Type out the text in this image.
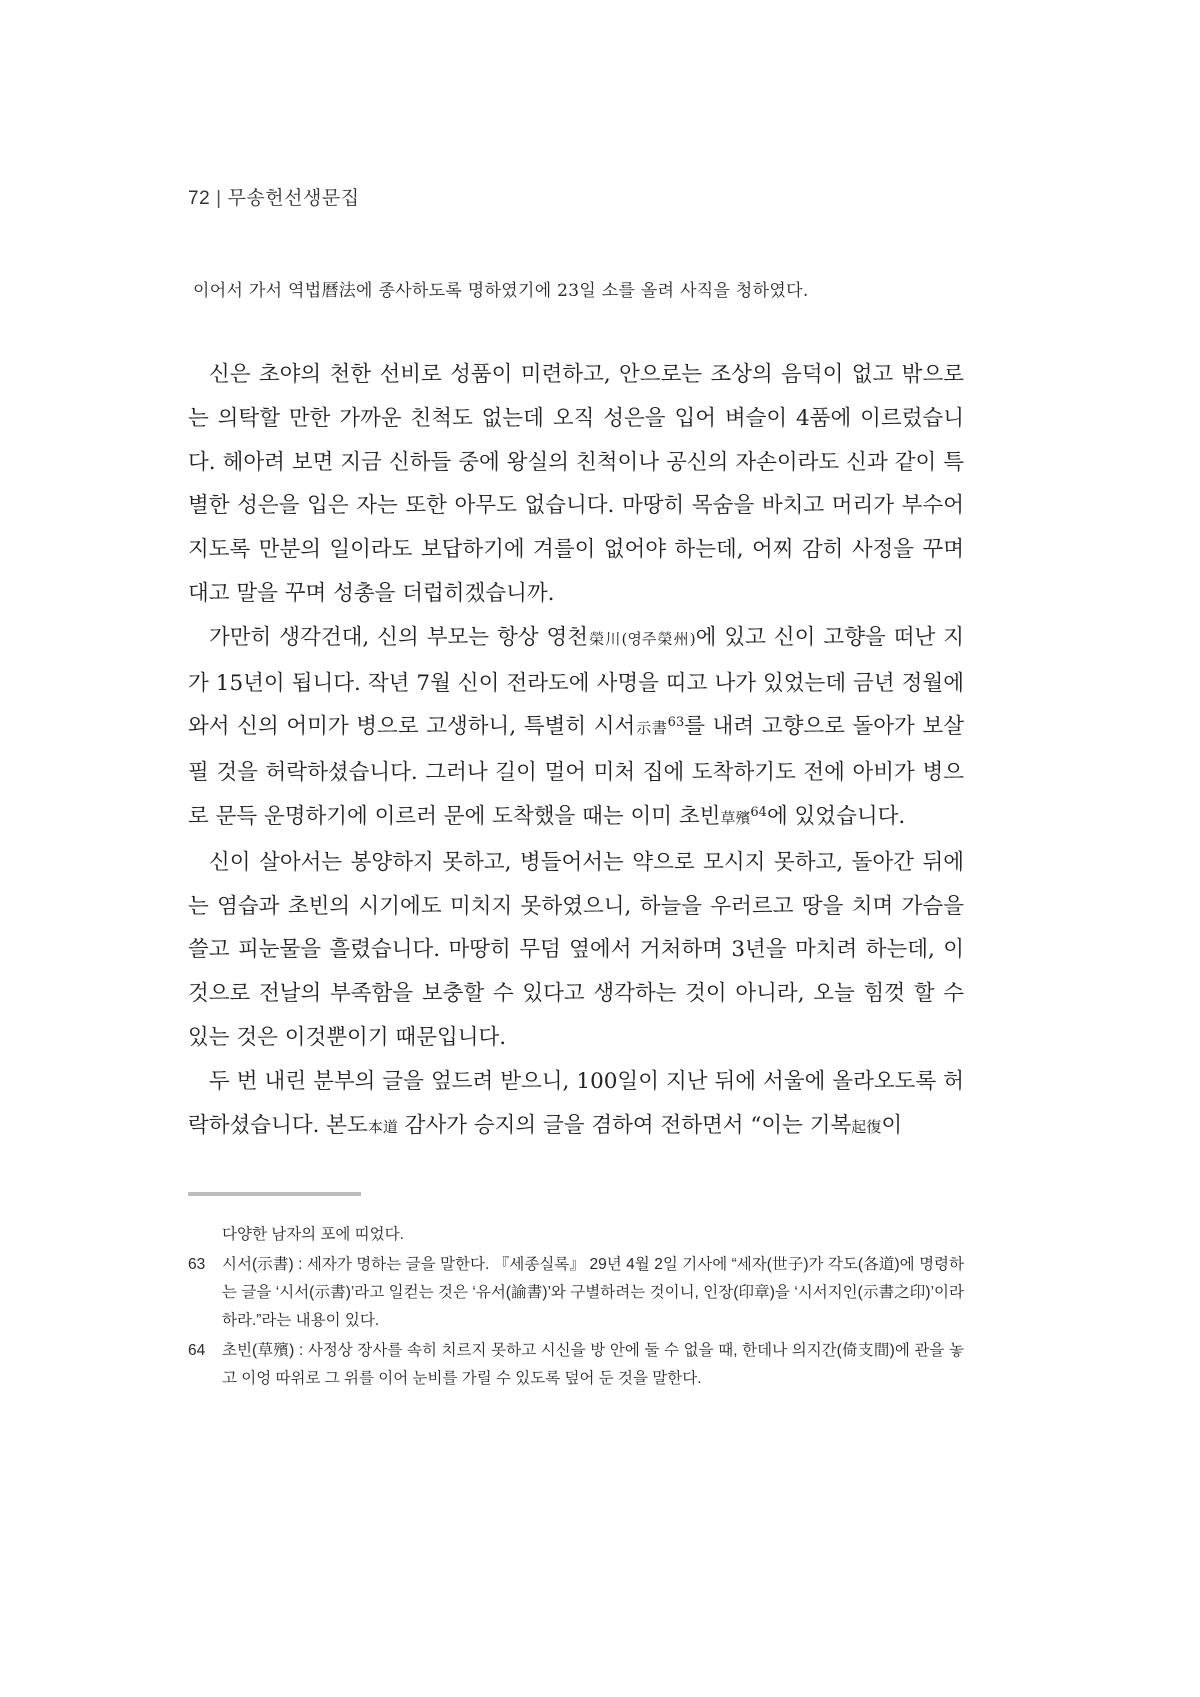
72 | 무송헌선생문집
이어서 가서 역법曆法에 종사하도록 명하였기에 23일 소를 올려 사직을 청하였다.

신은 초야의 천한 선비로 성품이 미련하고, 안으로는 조상의 음덕이 없고 밖으로는 의탁할 만한 가까운 친척도 없는데 오직 성은을 입어 벼슬이 4품에 이르렀습니다. 헤아려 보면 지금 신하들 중에 왕실의 친척이나 공신의 자손이라도 신과 같이 특별한 성은을 입은 자는 또한 아무도 없습니다. 마땅히 목숨을 바치고 머리가 부수어지도록 만분의 일이라도 보답하기에 겨를이 없어야 하는데, 어찌 감히 사정을 꾸며대고 말을 꾸며 성총을 더럽히겠습니까.

가만히 생각건대, 신의 부모는 항상 영천榮川(영주榮州)에 있고 신이 고향을 떠난 지가 15년이 됩니다. 작년 7월 신이 전라도에 사명을 띠고 나가 있었는데 금년 정월에 와서 신의 어미가 병으로 고생하니, 특별히 시서示書$^{63}$를 내려 고향으로 돌아가 보살필 것을 허락하셨습니다. 그러나 길이 멀어 미처 집에 도착하기도 전에 아비가 병으로 문득 운명하기에 이르러 문에 도착했을 때는 이미 초빈草殯$^{64}$에 있었습니다.

신이 살아서는 봉양하지 못하고, 병들어서는 약으로 모시지 못하고, 돌아간 뒤에는 염습과 초빈의 시기에도 미치지 못하였으니, 하늘을 우러르고 땅을 치며 가슴을 쓸고 피눈물을 흘렸습니다. 마땅히 무덤 옆에서 거처하며 3년을 마치려 하는데, 이것으로 전날의 부족함을 보충할 수 있다고 생각하는 것이 아니라, 오늘 힘껏 할 수 있는 것은 이것뿐이기 때문입니다.

두 번 내린 분부의 글을 엎드려 받으니, 100일이 지난 뒤에 서울에 올라오도록 허락하셨습니다. 본도本道 감사가 승지의 글을 겸하여 전하면서 “이는 기복起復이

다양한 남자의 포에 띠었다.
63 시서(示書) : 세자가 명하는 글을 말한다. 『세종실록』 29년 4월 2일 기사에 “세자(世子)가 각도(各道)에 명령하는 글을 ‘시서(示書)’라고 일컫는 것은 ‘유서(諭書)’와 구별하려는 것이니, 인장(印章)을 ‘시서지인(示書之印)’이라 하라.”라는 내용이 있다.
64 초빈(草殯) : 사정상 장사를 속히 치르지 못하고 시신을 방 안에 둘 수 없을 때, 한데나 의지간(倚支間)에 관을 놓고 이엉 따위로 그 위를 이어 눈비를 가릴 수 있도록 덮어 둔 것을 말한다.
